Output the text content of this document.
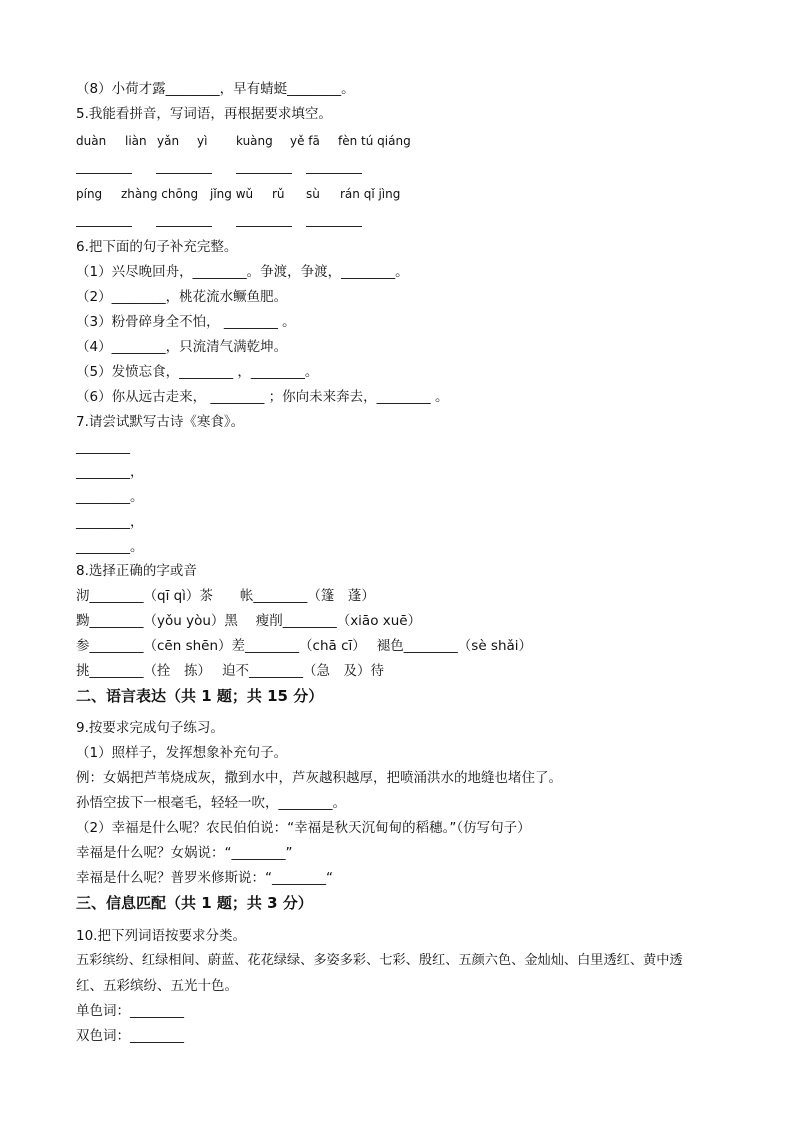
（8）小荷才露________，早有蜻蜓________。
5.我能看拼音，写词语，再根据要求填空。
duàn liàn yǎn yì kuàng yě fā fèn tú qiáng
píng zhàng chōng jǐng wǔ rǔ sù rán qǐ jìng
6.把下面的句子补充完整。
（1）兴尽晚回舟，________。争渡，争渡，________。
（2）________，桃花流水鳜鱼肥。
（3）粉骨碎身全不怕， ________ 。
（4）________，只流清气满乾坤。
（5）发愤忘食，________ ，________。
（6）你从远古走来， ________ ；你向未来奔去，________ 。
7.请尝试默写古诗《寒食》。
________
________，
________。
________，
________。
8.选择正确的字或音
沏________（qī qì）茶　　帐________（篷　蓬）
黝________（yǒu yòu）黑　 瘦削________（xiāo xuē）
参________（cēn shēn）差________（chā cī）　 褪色________（sè shǎi）
挑________（拴　拣）　 迫不________（急　及）待
二、语言表达（共 1 题；共 15 分）
9.按要求完成句子练习。
（1）照样子，发挥想象补充句子。
例：女娲把芦苇烧成灰，撒到水中，芦灰越积越厚，把喷涌洪水的地缝也堵住了。
孙悟空拔下一根毫毛，轻轻一吹，________。
（2）幸福是什么呢？农民伯伯说：“幸福是秋天沉甸甸的稻穗。”（仿写句子）
幸福是什么呢？女娲说：“________”
幸福是什么呢？普罗米修斯说：“________“
三、信息匹配（共 1 题；共 3 分）
10.把下列词语按要求分类。
五彩缤纷、红绿相间、蔚蓝、花花绿绿、多姿多彩、七彩、殷红、五颜六色、金灿灿、白里透红、黄中透
红、五彩缤纷、五光十色。
单色词：________
双色词：________
